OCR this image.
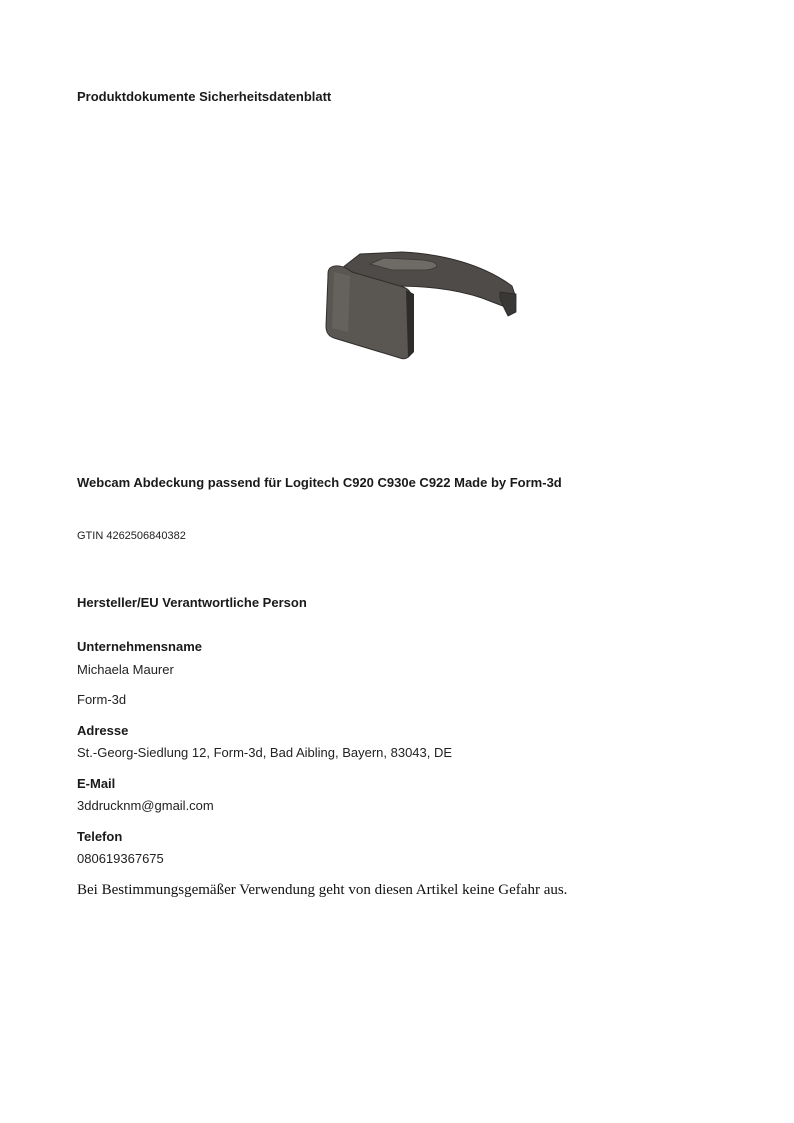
Produktdokumente Sicherheitsdatenblatt

Webcam Abdeckung passend für Logitech C920 C930e C922 Made by Form-3d

GTIN 4262506840382

Hersteller/EU Verantwortliche Person

Unternehmensname

Michaela Maurer

Form-3d

Adresse

St.-Georg-Siedlung 12, Form-3d, Bad Aibling, Bayern, 83043, DE

E-Mail

3ddrucknm@gmail.com

Telefon

080619367675

Bei Bestimmungsgemäßer Verwendung geht von diesen Artikel keine Gefahr aus.
